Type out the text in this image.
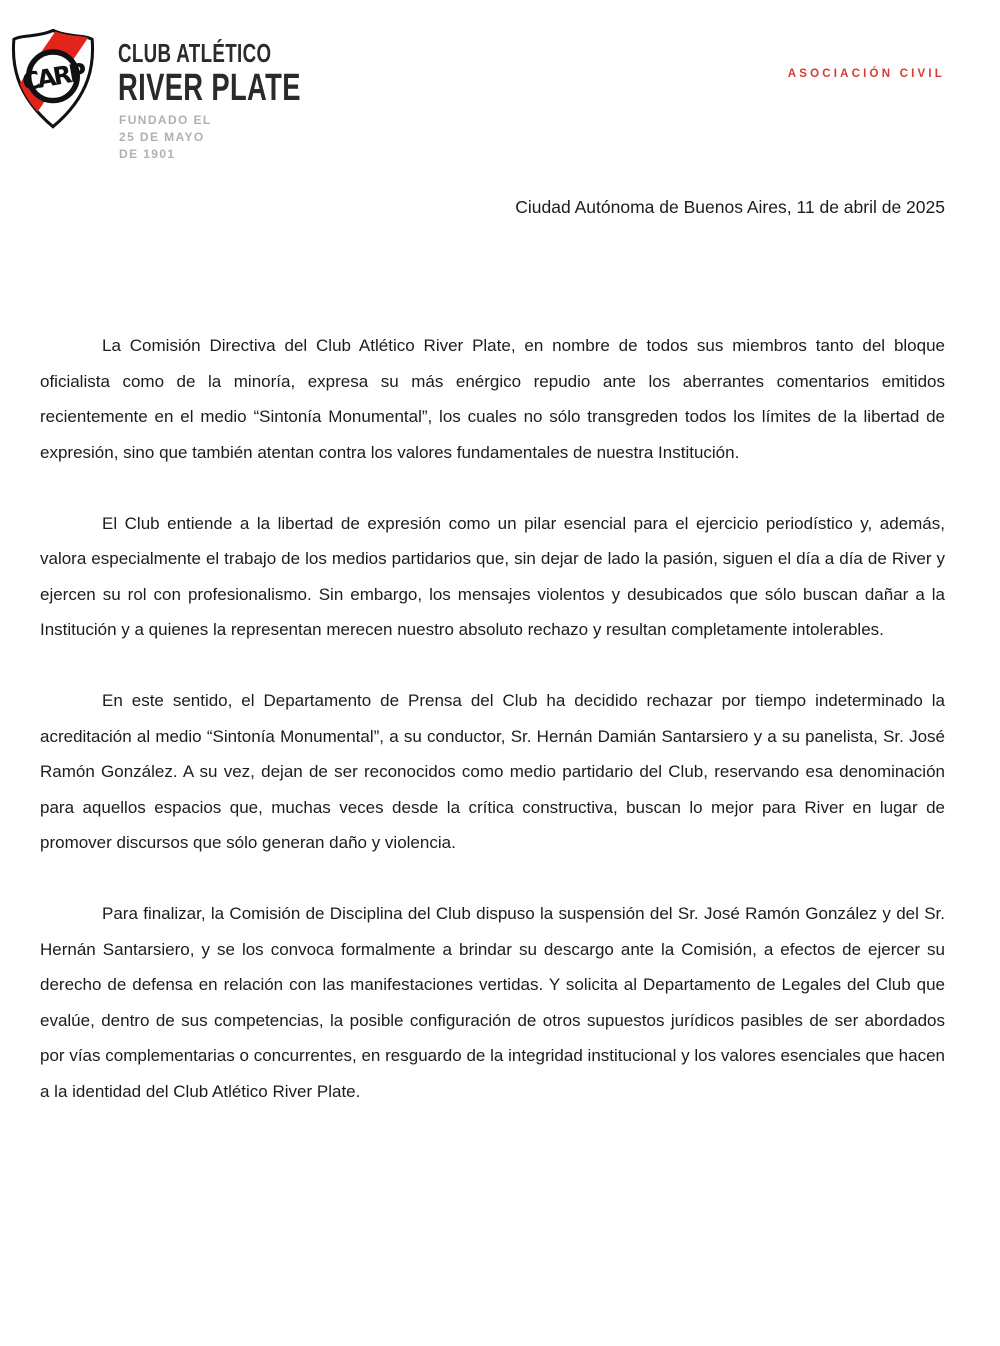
CARP
CLUB ATLÉTICO
RIVER PLATE
FUNDADO EL
25 DE MAYO
DE 1901
ASOCIACIÓN CIVIL
Ciudad Autónoma de Buenos Aires, 11 de abril de 2025

La Comisión Directiva del Club Atlético River Plate, en nombre de todos sus miembros tanto del bloque oficialista como de la minoría, expresa su más enérgico repudio ante los aberrantes comentarios emitidos recientemente en el medio “Sintonía Monumental”, los cuales no sólo transgreden todos los límites de la libertad de expresión, sino que también atentan contra los valores fundamentales de nuestra Institución.

El Club entiende a la libertad de expresión como un pilar esencial para el ejercicio periodístico y, además, valora especialmente el trabajo de los medios partidarios que, sin dejar de lado la pasión, siguen el día a día de River y ejercen su rol con profesionalismo. Sin embargo, los mensajes violentos y desubicados que sólo buscan dañar a la Institución y a quienes la representan merecen nuestro absoluto rechazo y resultan completamente intolerables.

En este sentido, el Departamento de Prensa del Club ha decidido rechazar por tiempo indeterminado la acreditación al medio “Sintonía Monumental”, a su conductor, Sr. Hernán Damián Santarsiero y a su panelista, Sr. José Ramón González. A su vez, dejan de ser reconocidos como medio partidario del Club, reservando esa denominación para aquellos espacios que, muchas veces desde la crítica constructiva, buscan lo mejor para River en lugar de promover discursos que sólo generan daño y violencia.

Para finalizar, la Comisión de Disciplina del Club dispuso la suspensión del Sr. José Ramón González y del Sr. Hernán Santarsiero, y se los convoca formalmente a brindar su descargo ante la Comisión, a efectos de ejercer su derecho de defensa en relación con las manifestaciones vertidas. Y solicita al Departamento de Legales del Club que evalúe, dentro de sus competencias, la posible configuración de otros supuestos jurídicos pasibles de ser abordados por vías complementarias o concurrentes, en resguardo de la integridad institucional y los valores esenciales que hacen a la identidad del Club Atlético River Plate.
